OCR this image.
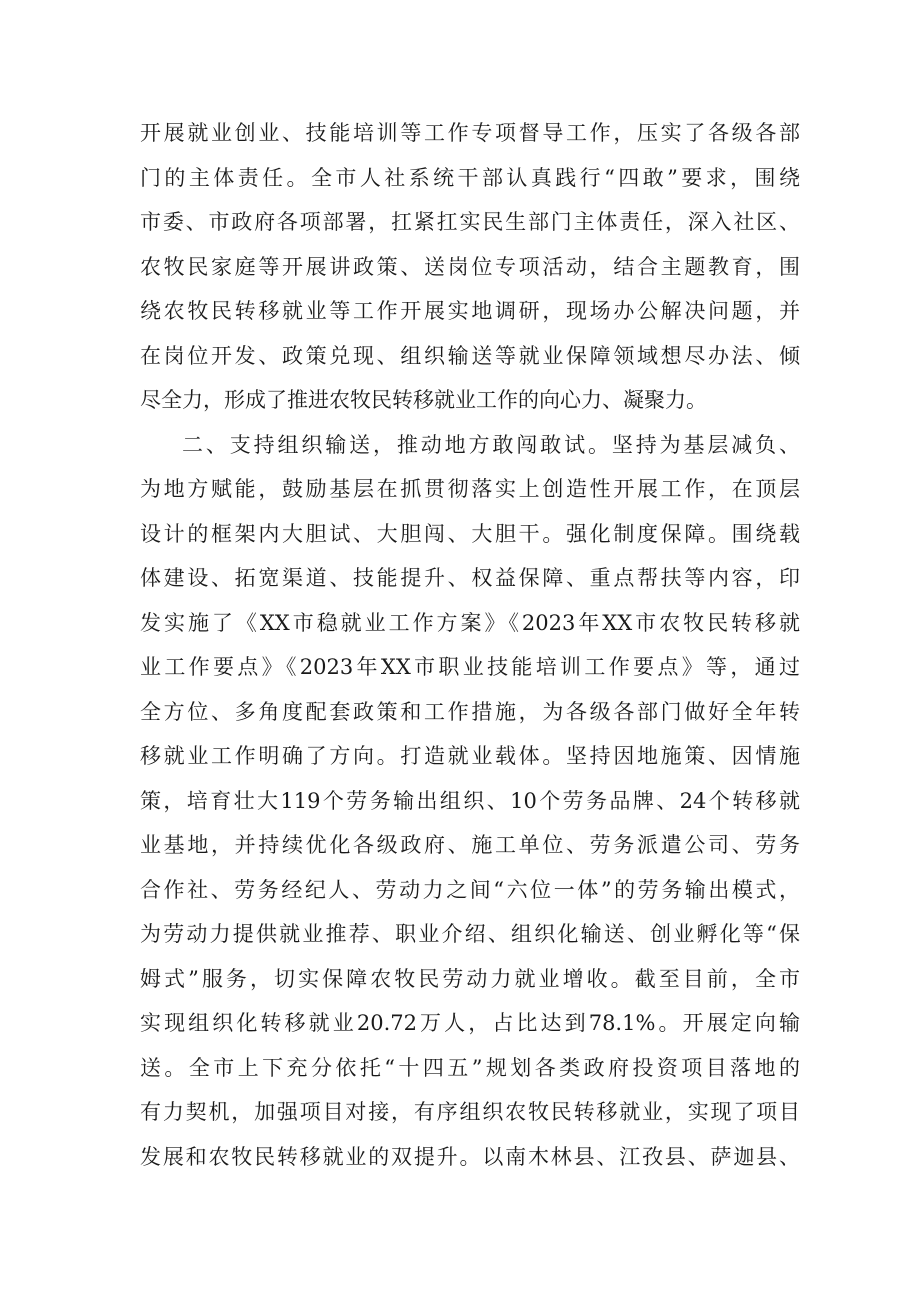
开展就业创业、技能培训等工作专项督导工作，压实了各级各部
门的主体责任。全市人社系统干部认真践行“四敢”要求，围绕
市委、市政府各项部署，扛紧扛实民生部门主体责任，深入社区、
农牧民家庭等开展讲政策、送岗位专项活动，结合主题教育，围
绕农牧民转移就业等工作开展实地调研，现场办公解决问题，并
在岗位开发、政策兑现、组织输送等就业保障领域想尽办法、倾
尽全力，形成了推进农牧民转移就业工作的向心力、凝聚力。
二、支持组织输送，推动地方敢闯敢试。坚持为基层减负、
为地方赋能，鼓励基层在抓贯彻落实上创造性开展工作，在顶层
设计的框架内大胆试、大胆闯、大胆干。强化制度保障。围绕载
体建设、拓宽渠道、技能提升、权益保障、重点帮扶等内容，印
发实施了《XX市稳就业工作方案》《2023年XX市农牧民转移就
业工作要点》《2023年XX市职业技能培训工作要点》等，通过
全方位、多角度配套政策和工作措施，为各级各部门做好全年转
移就业工作明确了方向。打造就业载体。坚持因地施策、因情施
策，培育壮大119个劳务输出组织、10个劳务品牌、24个转移就
业基地，并持续优化各级政府、施工单位、劳务派遣公司、劳务
合作社、劳务经纪人、劳动力之间“六位一体”的劳务输出模式，
为劳动力提供就业推荐、职业介绍、组织化输送、创业孵化等“保
姆式”服务，切实保障农牧民劳动力就业增收。截至目前，全市
实现组织化转移就业20.72万人，占比达到78.1%。开展定向输
送。全市上下充分依托“十四五”规划各类政府投资项目落地的
有力契机，加强项目对接，有序组织农牧民转移就业，实现了项目
发展和农牧民转移就业的双提升。以南木林县、江孜县、萨迦县、
